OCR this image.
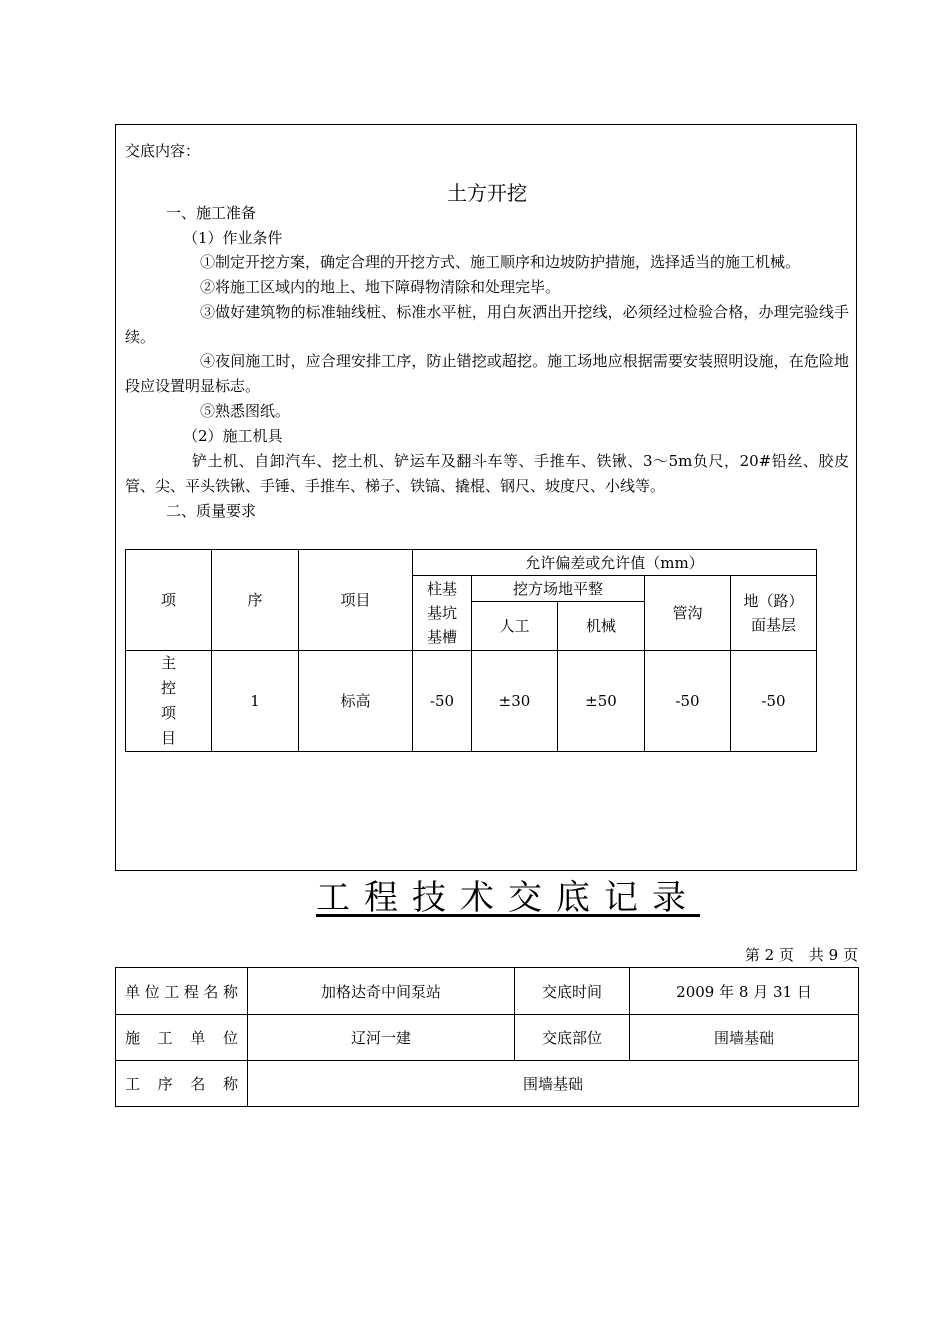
交底内容：
土方开挖
一、施工准备
（1）作业条件
①制定开挖方案，确定合理的开挖方式、施工顺序和边坡防护措施，选择适当的施工机械。
②将施工区域内的地上、地下障碍物清除和处理完毕。
③做好建筑物的标准轴线桩、标准水平桩，用白灰洒出开挖线，必须经过检验合格，办理完验线手续。
④夜间施工时，应合理安排工序，防止错挖或超挖。施工场地应根据需要安装照明设施，在危险地段应设置明显标志。
⑤熟悉图纸。
（2）施工机具
铲土机、自卸汽车、挖土机、铲运车及翻斗车等、手推车、铁锹、3～5m负尺，20#铅丝、胶皮管、尖、平头铁锹、手锤、手推车、梯子、铁镐、撬棍、钢尺、坡度尺、小线等。
二、质量要求
项	序	项目	允许偏差或允许值（mm）				
			柱基基坑基槽	挖方场地平整		管沟	地（路）面基层
				人工	机械		
主控项目	1	标高	-50	±30	±50	-50	-50
工程技术交底记录
第 2 页　共 9 页
单位工程名称	加格达奇中间泵站	交底时间	2009 年 8 月 31 日
施工单位	辽河一建	交底部位	围墙基础
工序名称	围墙基础		
